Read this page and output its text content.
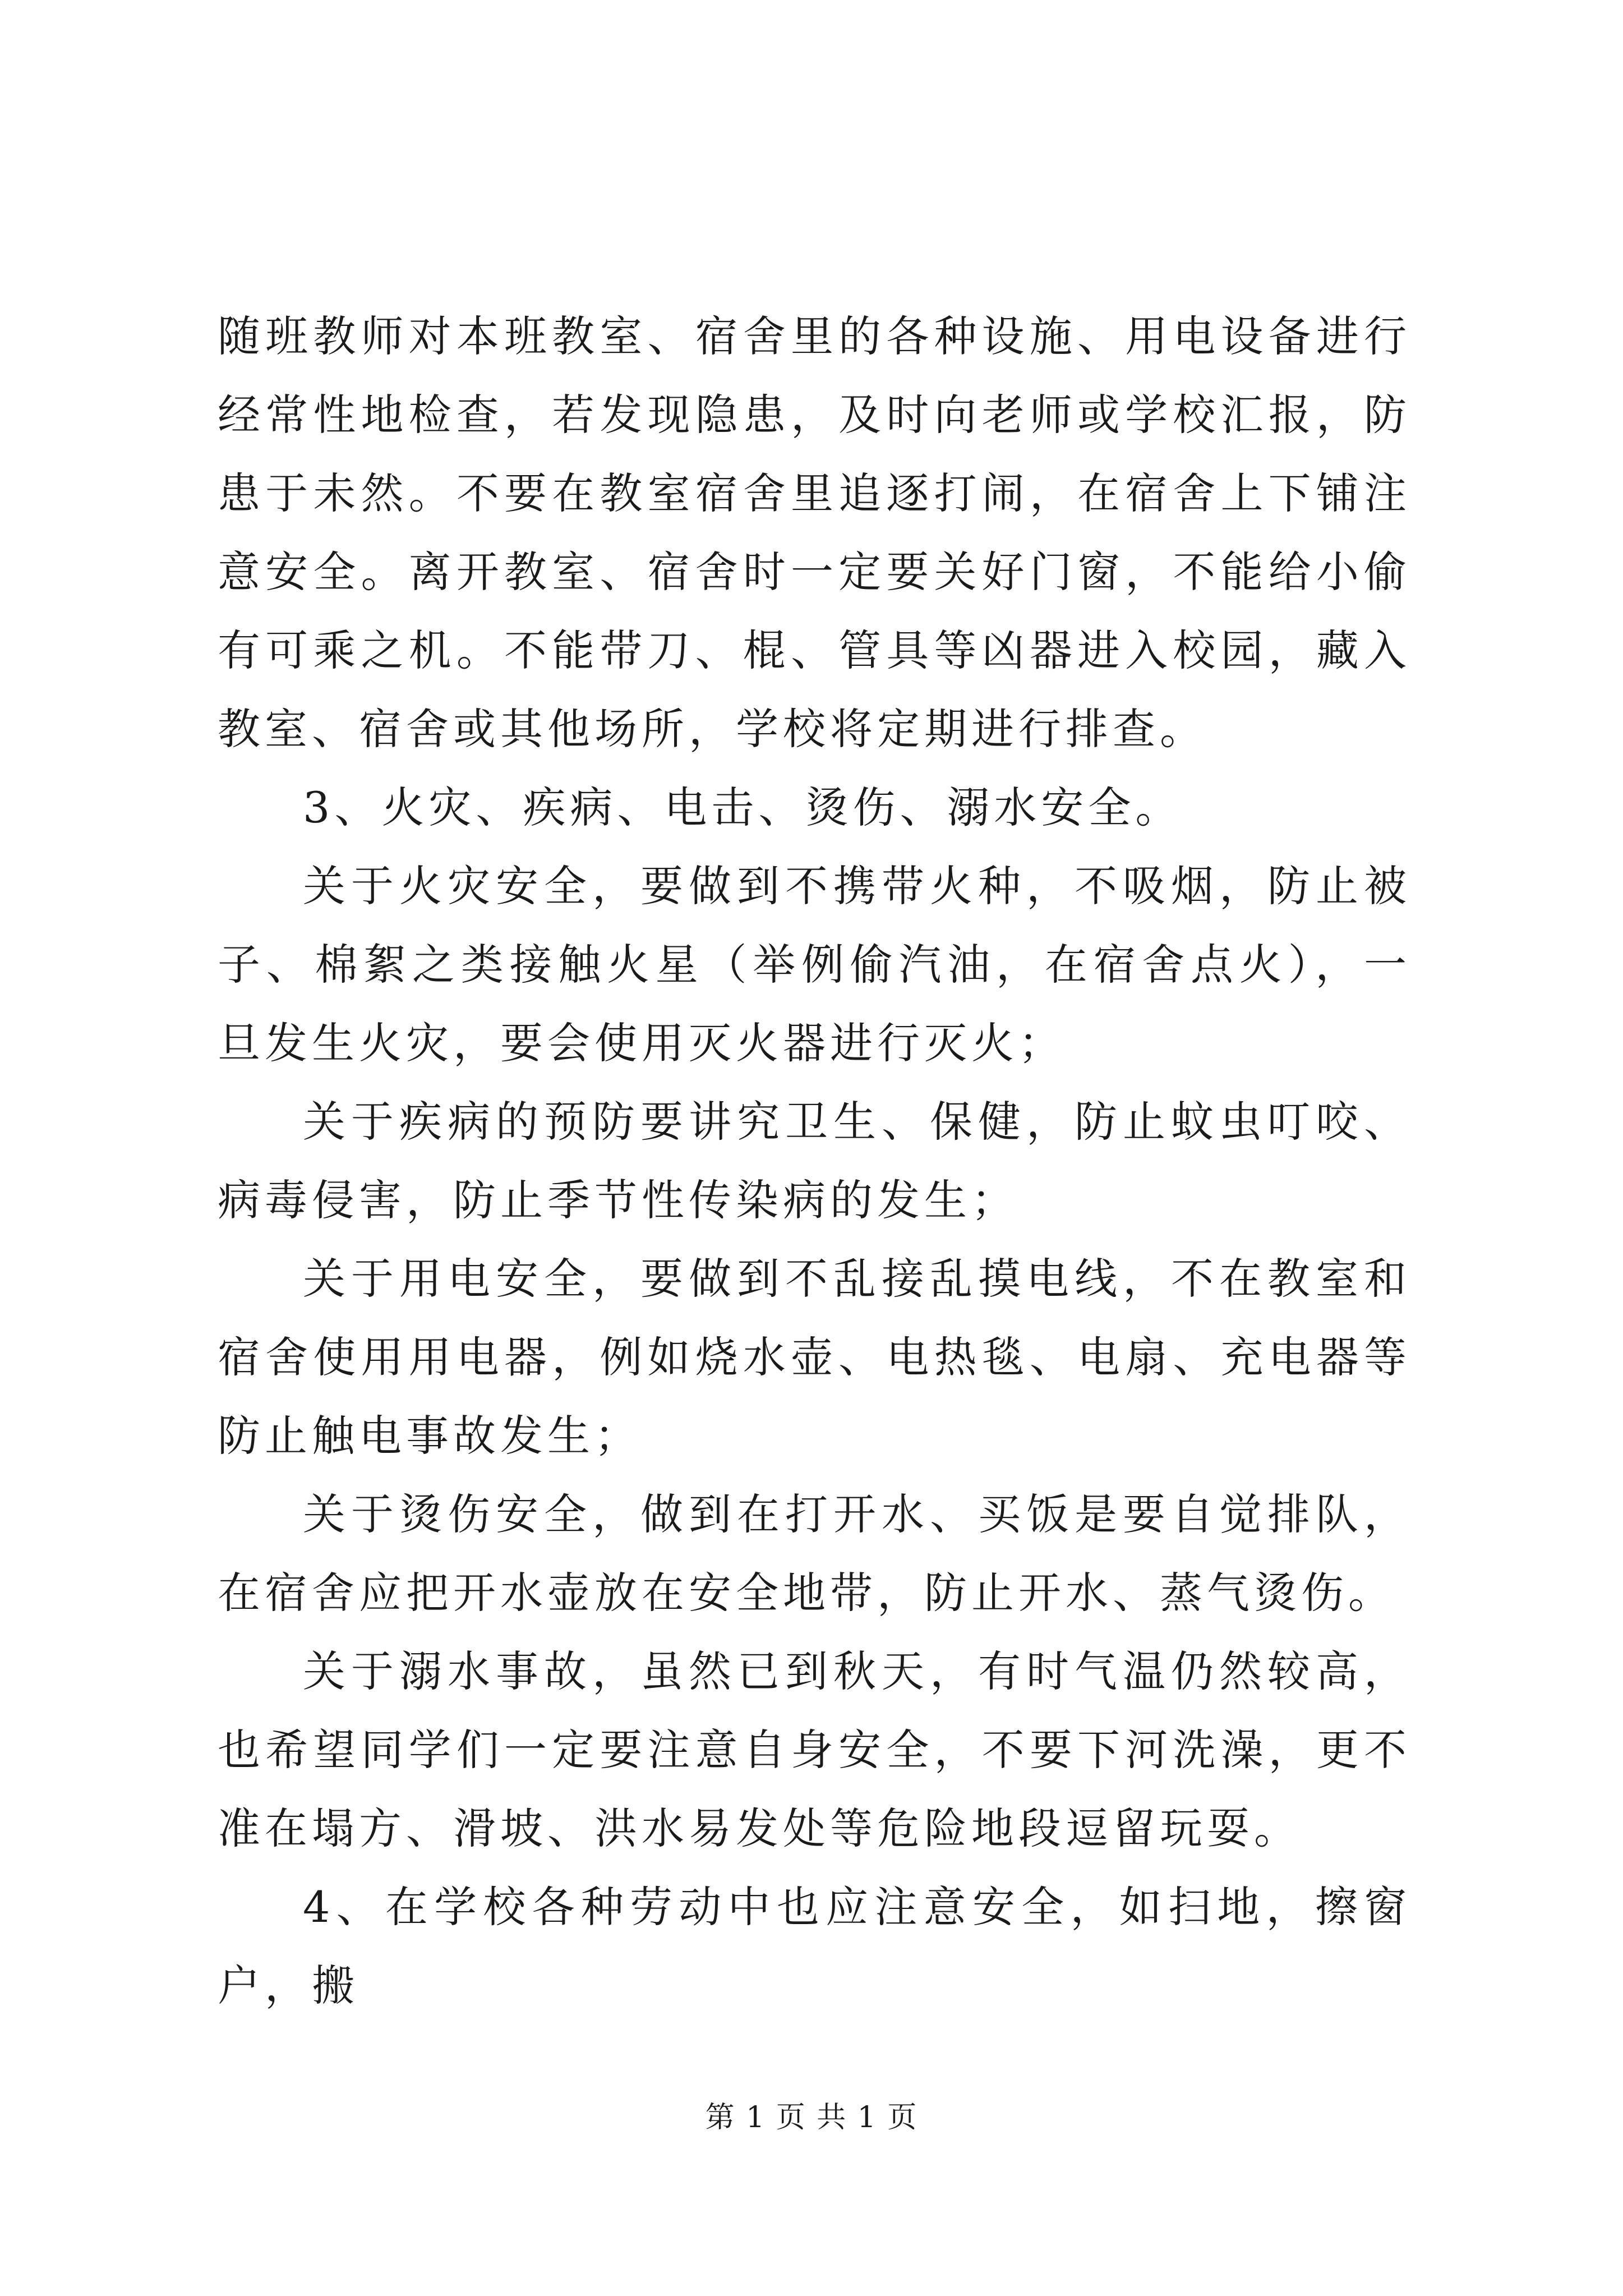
随班教师对本班教室、宿舍里的各种设施、用电设备进行经常性地检查，若发现隐患，及时向老师或学校汇报，防患于未然。不要在教室宿舍里追逐打闹，在宿舍上下铺注意安全。离开教室、宿舍时一定要关好门窗，不能给小偷有可乘之机。不能带刀、棍、管具等凶器进入校园，藏入教室、宿舍或其他场所，学校将定期进行排查。

3、火灾、疾病、电击、烫伤、溺水安全。

关于火灾安全，要做到不携带火种，不吸烟，防止被子、棉絮之类接触火星（举例偷汽油，在宿舍点火），一旦发生火灾，要会使用灭火器进行灭火；

关于疾病的预防要讲究卫生、保健，防止蚊虫叮咬、病毒侵害，防止季节性传染病的发生；

关于用电安全，要做到不乱接乱摸电线，不在教室和宿舍使用用电器，例如烧水壶、电热毯、电扇、充电器等防止触电事故发生；

关于烫伤安全，做到在打开水、买饭是要自觉排队，在宿舍应把开水壶放在安全地带，防止开水、蒸气烫伤。

关于溺水事故，虽然已到秋天，有时气温仍然较高，也希望同学们一定要注意自身安全，不要下河洗澡，更不准在塌方、滑坡、洪水易发处等危险地段逗留玩耍。

4、在学校各种劳动中也应注意安全，如扫地，擦窗户，搬

第 1 页 共 1 页
